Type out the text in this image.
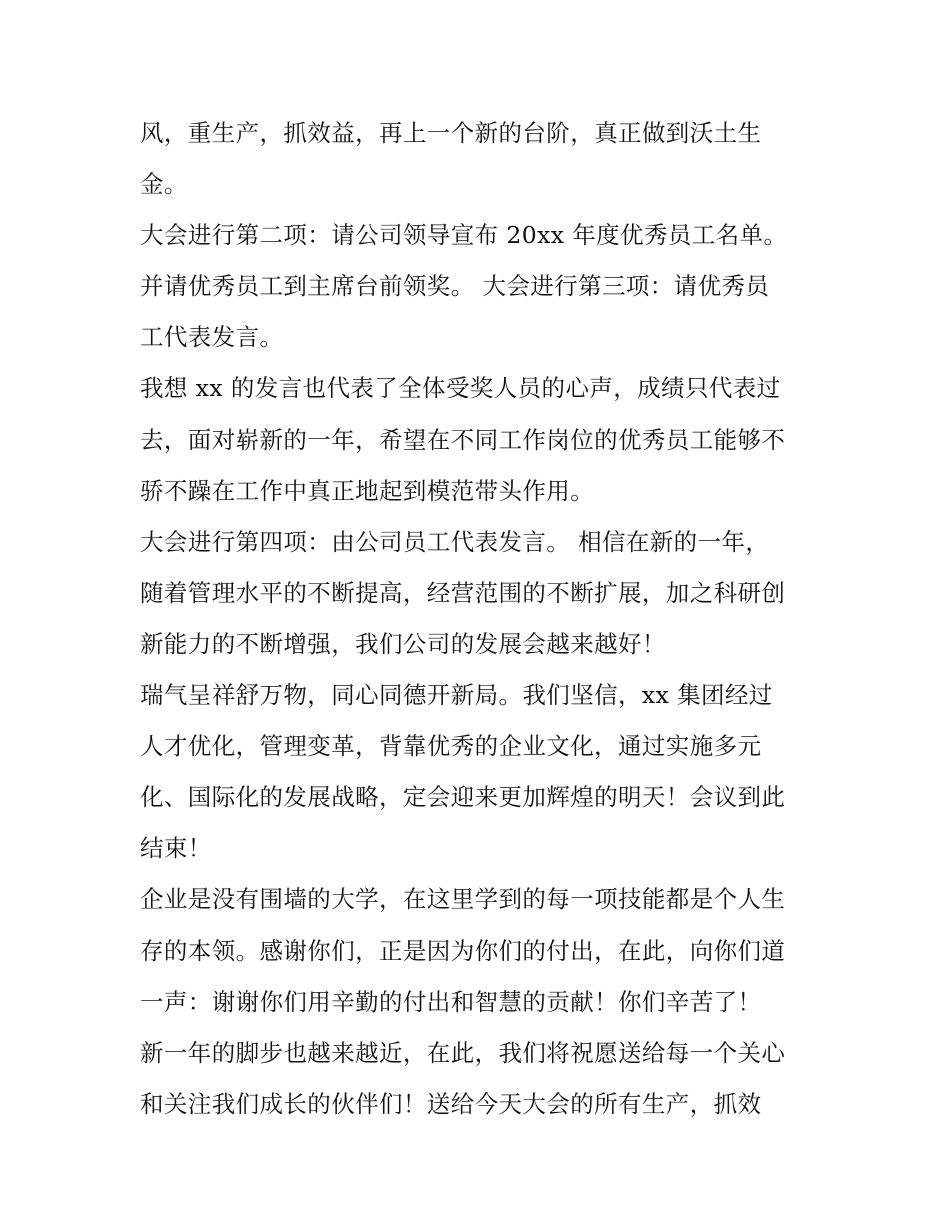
风，重生产，抓效益，再上一个新的台阶，真正做到沃土生
金。
大会进行第二项：请公司领导宣布 20xx 年度优秀员工名单。
并请优秀员工到主席台前领奖。 大会进行第三项：请优秀员
工代表发言。
我想 xx 的发言也代表了全体受奖人员的心声，成绩只代表过
去，面对崭新的一年，希望在不同工作岗位的优秀员工能够不
骄不躁在工作中真正地起到模范带头作用。
大会进行第四项：由公司员工代表发言。 相信在新的一年，
随着管理水平的不断提高，经营范围的不断扩展，加之科研创
新能力的不断增强，我们公司的发展会越来越好！
瑞气呈祥舒万物，同心同德开新局。我们坚信，xx 集团经过
人才优化，管理变革，背靠优秀的企业文化，通过实施多元
化、国际化的发展战略，定会迎来更加辉煌的明天！会议到此
结束！
企业是没有围墙的大学，在这里学到的每一项技能都是个人生
存的本领。感谢你们，正是因为你们的付出，在此，向你们道
一声：谢谢你们用辛勤的付出和智慧的贡献！你们辛苦了！
新一年的脚步也越来越近，在此，我们将祝愿送给每一个关心
和关注我们成长的伙伴们！送给今天大会的所有生产，抓效
